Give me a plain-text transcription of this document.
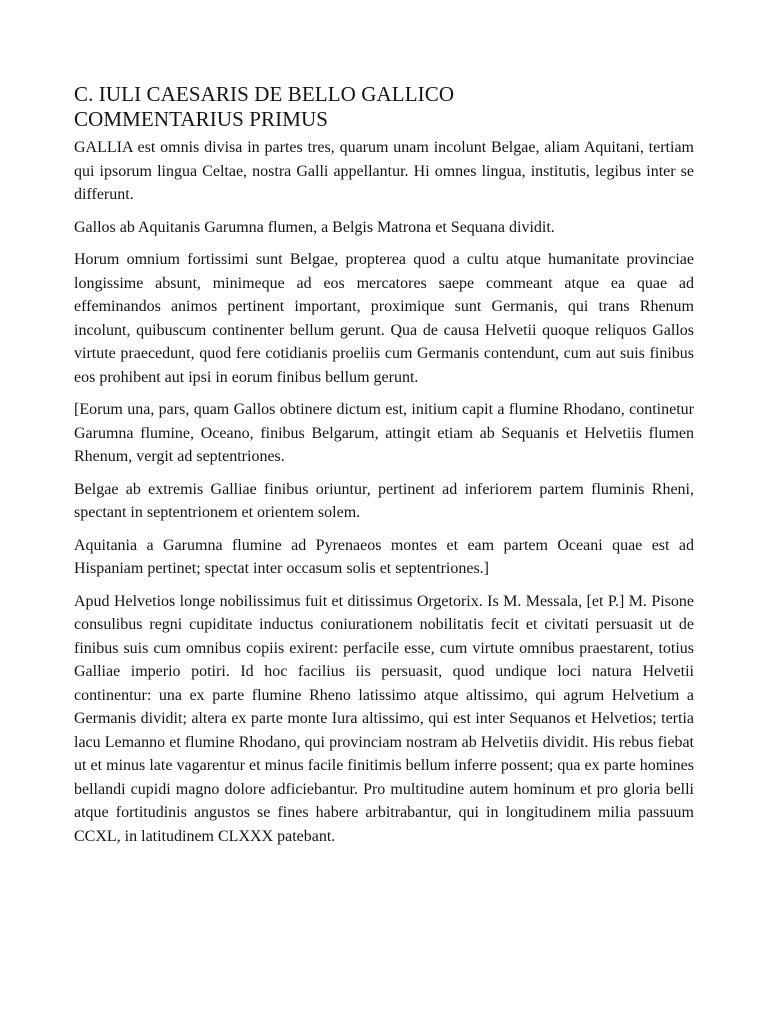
C. IULI CAESARIS DE BELLO GALLICO
COMMENTARIUS PRIMUS

GALLIA est omnis divisa in partes tres, quarum unam incolunt Belgae, aliam Aquitani, tertiam qui ipsorum lingua Celtae, nostra Galli appellantur. Hi omnes lingua, institutis, legibus inter se differunt.

Gallos ab Aquitanis Garumna flumen, a Belgis Matrona et Sequana dividit.

Horum omnium fortissimi sunt Belgae, propterea quod a cultu atque humanitate provinciae longissime absunt, minimeque ad eos mercatores saepe commeant atque ea quae ad effeminandos animos pertinent important, proximique sunt Germanis, qui trans Rhenum incolunt, quibuscum continenter bellum gerunt. Qua de causa Helvetii quoque reliquos Gallos virtute praecedunt, quod fere cotidianis proeliis cum Germanis contendunt, cum aut suis finibus eos prohibent aut ipsi in eorum finibus bellum gerunt.

[Eorum una, pars, quam Gallos obtinere dictum est, initium capit a flumine Rhodano, continetur Garumna flumine, Oceano, finibus Belgarum, attingit etiam ab Sequanis et Helvetiis flumen Rhenum, vergit ad septentriones.

Belgae ab extremis Galliae finibus oriuntur, pertinent ad inferiorem partem fluminis Rheni, spectant in septentrionem et orientem solem.

Aquitania a Garumna flumine ad Pyrenaeos montes et eam partem Oceani quae est ad Hispaniam pertinet; spectat inter occasum solis et septentriones.]

Apud Helvetios longe nobilissimus fuit et ditissimus Orgetorix. Is M. Messala, [et P.] M. Pisone consulibus regni cupiditate inductus coniurationem nobilitatis fecit et civitati persuasit ut de finibus suis cum omnibus copiis exirent: perfacile esse, cum virtute omnibus praestarent, totius Galliae imperio potiri. Id hoc facilius iis persuasit, quod undique loci natura Helvetii continentur: una ex parte flumine Rheno latissimo atque altissimo, qui agrum Helvetium a Germanis dividit; altera ex parte monte Iura altissimo, qui est inter Sequanos et Helvetios; tertia lacu Lemanno et flumine Rhodano, qui provinciam nostram ab Helvetiis dividit. His rebus fiebat ut et minus late vagarentur et minus facile finitimis bellum inferre possent; qua ex parte homines bellandi cupidi magno dolore adficiebantur. Pro multitudine autem hominum et pro gloria belli atque fortitudinis angustos se fines habere arbitrabantur, qui in longitudinem milia passuum CCXL, in latitudinem CLXXX patebant.
